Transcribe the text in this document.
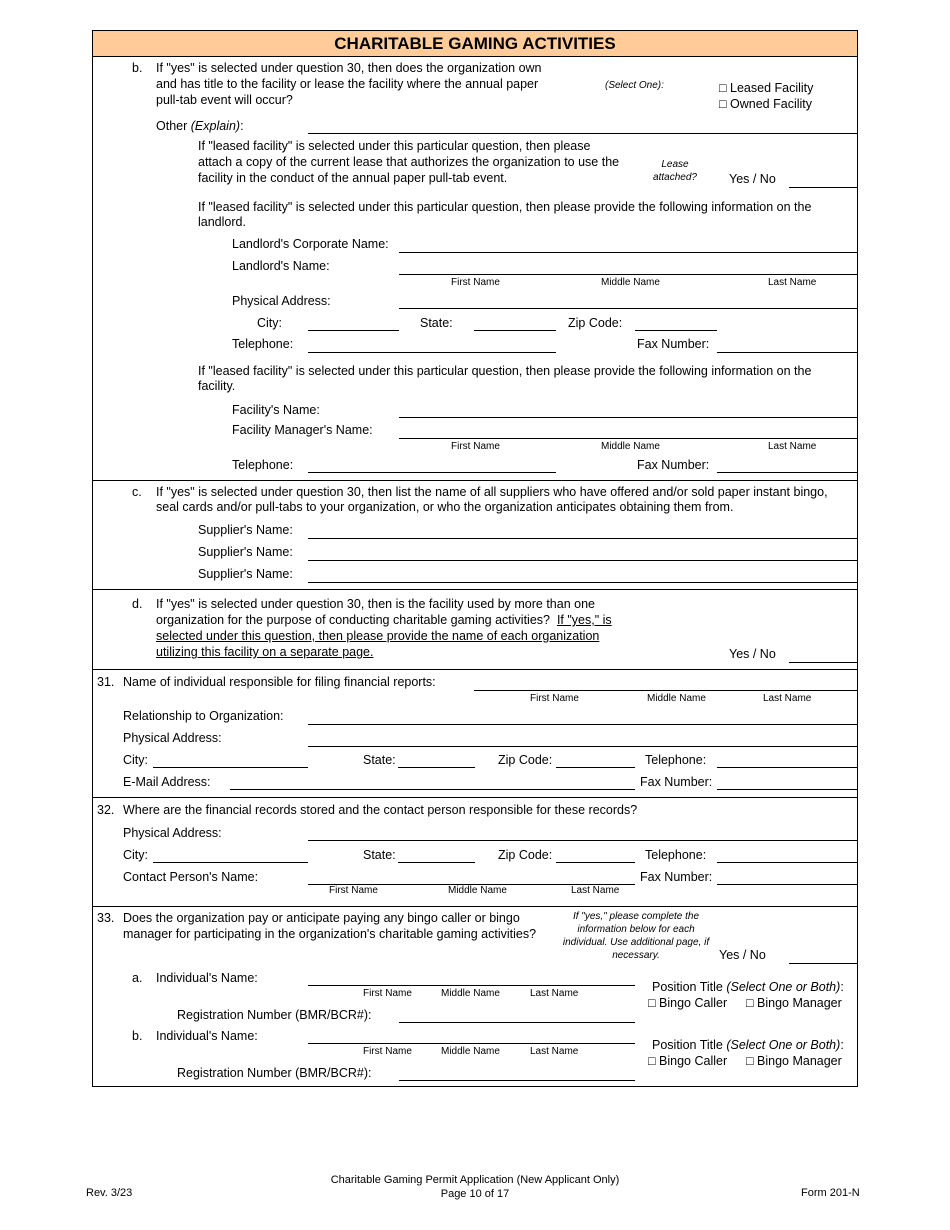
CHARITABLE GAMING ACTIVITIES
b. If "yes" is selected under question 30, then does the organization own
and has title to the facility or lease the facility where the annual paper
pull-tab event will occur?
(Select One):	□ Leased Facility
□ Owned Facility
Other (Explain):
If "leased facility" is selected under this particular question, then please
attach a copy of the current lease that authorizes the organization to use the
facility in the conduct of the annual paper pull-tab event.
Lease
attached?	Yes / No
If "leased facility" is selected under this particular question, then please provide the following information on the
landlord.
Landlord's Corporate Name:
Landlord's Name:
First Name	Middle Name	Last Name
Physical Address:
City:	State:	Zip Code:
Telephone:	Fax Number:
If "leased facility" is selected under this particular question, then please provide the following information on the
facility.
Facility's Name:
Facility Manager's Name:
First Name	Middle Name	Last Name
Telephone:	Fax Number:
c. If "yes" is selected under question 30, then list the name of all suppliers who have offered and/or sold paper instant bingo,
seal cards and/or pull-tabs to your organization, or who the organization anticipates obtaining them from.
Supplier's Name:
Supplier's Name:
Supplier's Name:
d. If "yes" is selected under question 30, then is the facility used by more than one
organization for the purpose of conducting charitable gaming activities? If "yes," is
selected under this question, then please provide the name of each organization
utilizing this facility on a separate page.	Yes / No
31. Name of individual responsible for filing financial reports:
First Name	Middle Name	Last Name
Relationship to Organization:
Physical Address:
City:	State:	Zip Code:	Telephone:
E-Mail Address:	Fax Number:
32. Where are the financial records stored and the contact person responsible for these records?
Physical Address:
City:	State:	Zip Code:	Telephone:
Contact Person's Name:
First Name	Middle Name	Last Name
Fax Number:
33. Does the organization pay or anticipate paying any bingo caller or bingo
manager for participating in the organization's charitable gaming activities?
If "yes," please complete the
information below for each
individual. Use additional page, if
necessary.	Yes / No
a. Individual's Name:
First Name	Middle Name	Last Name	Position Title (Select One or Both):
□ Bingo Caller □ Bingo Manager
Registration Number (BMR/BCR#):
b. Individual's Name:
First Name	Middle Name	Last Name	Position Title (Select One or Both):
□ Bingo Caller □ Bingo Manager
Registration Number (BMR/BCR#):
Rev. 3/23
Charitable Gaming Permit Application (New Applicant Only)
Page 10 of 17	Form 201-N
